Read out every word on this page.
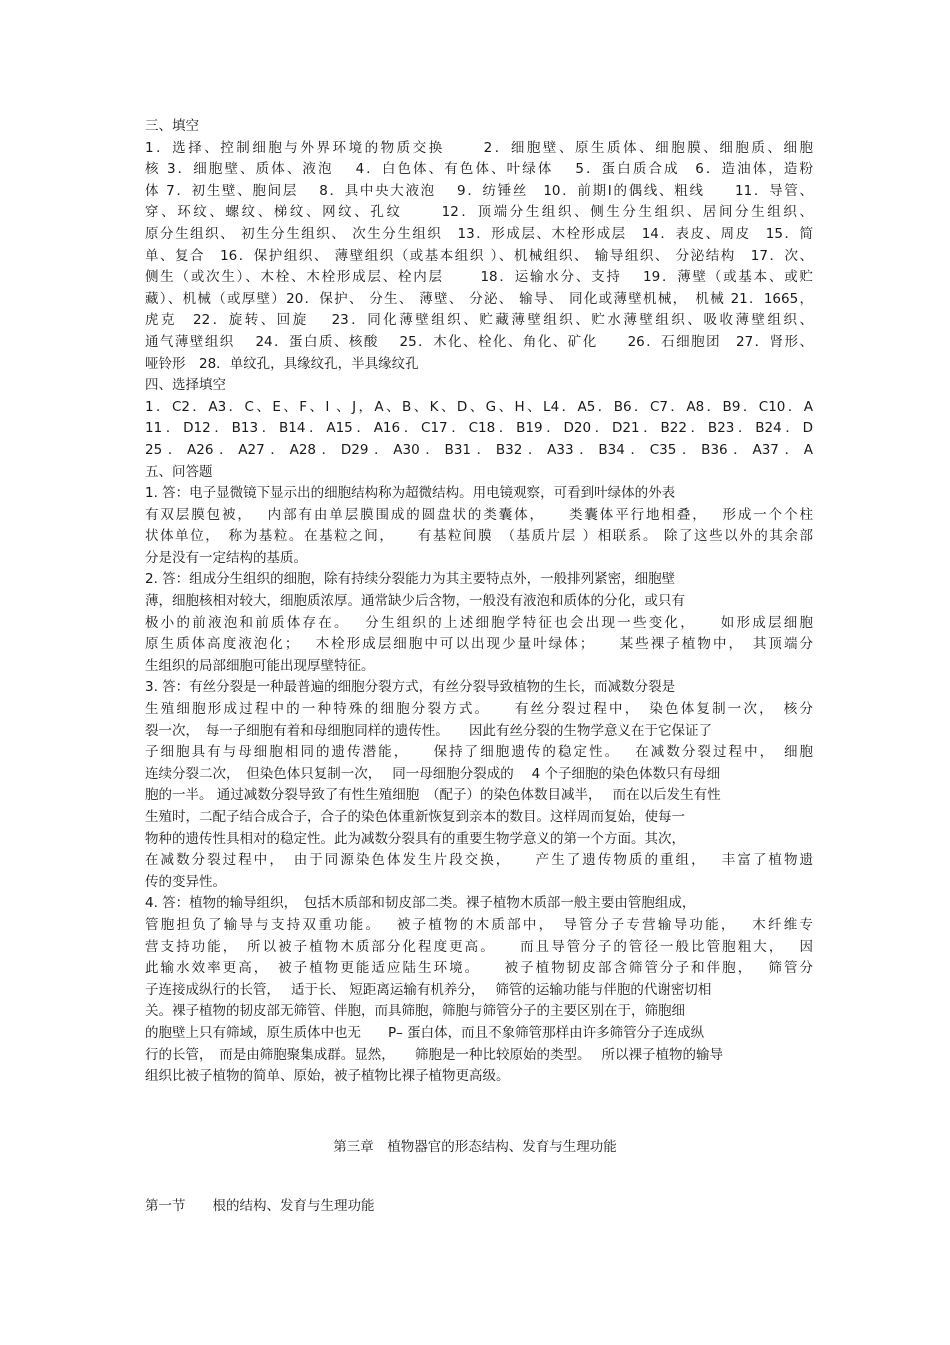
三、填空

1．选择、控制细胞与外界环境的物质交换　　 2．细胞壁、原生质体、细胞膜、细胞质、细胞

核 3．细胞壁、质体、液泡　 4．白色体、有色体、叶绿体　 5．蛋白质合成　6．造油体，造粉

体 7．初生壁、胞间层　 8．具中央大液泡　 9．纺锤丝　10．前期Ⅰ的偶线、粗线　　11．导管、

穿、环纹、螺纹、梯纹、网纹、孔纹　　 12．顶端分生组织、侧生分生组织、居间分生组织、

原分生组织、 初生分生组织、 次生分生组织　13．形成层、木栓形成层　14．表皮、周皮　15．简

单、复合　16．保护组织、 薄壁组织（或基本组织 ）、机械组织、 输导组织、 分泌结构　17．次、

侧生（或次生）、木栓、木栓形成层、栓内层　　 18．运输水分、支持　 19．薄壁（或基本、或贮

藏）、机械（或厚壁）20．保护、 分生、 薄壁、 分泌、 输导、 同化或薄壁机械，　机械 21．1665，

虎克　22．旋转、回旋　 23．同化薄壁组织、贮藏薄壁组织、贮水薄壁组织、吸收薄壁组织、

通气薄壁组织　 24．蛋白质、核酸　 25．木化、栓化、角化、矿化　　26．石细胞团　27．肾形、

哑铃形　28．单纹孔，具缘纹孔，半具缘纹孔

四、选择填空

1．C2．A3．C、E、F、I 、J，A、B、K、D、G、H、L4．A5．B6．C7．A8．B9．C10．A

11．D12．B13．B14．A15．A16．C17．C18．B19．D20．D21．B22．B23．B24．D

25．A26．A27．A28．D29．A30．B31．B32．A33．B34．C35．B36．A37．A

五、问答题

1. 答：电子显微镜下显示出的细胞结构称为超微结构。用电镜观察，可看到叶绿体的外表

有双层膜包被，　 内部有由单层膜围成的圆盘状的类囊体，　　类囊体平行地相叠，　 形成一个个柱

状体单位，　称为基粒。在基粒之间，　　有基粒间膜　（基质片层 ）相联系。 除了这些以外的其余部

分是没有一定结构的基质。

2. 答：组成分生组织的细胞，除有持续分裂能力为其主要特点外，一般排列紧密，细胞壁

薄，细胞核相对较大，细胞质浓厚。通常缺少后含物，一般没有液泡和质体的分化，或只有

极小的前液泡和前质体存在。　 分生组织的上述细胞学特征也会出现一些变化，　　如形成层细胞

原生质体高度液泡化；　 木栓形成层细胞中可以出现少量叶绿体；　　某些裸子植物中，　其顶端分

生组织的局部细胞可能出现厚壁特征。

3. 答：有丝分裂是一种最普遍的细胞分裂方式，有丝分裂导致植物的生长，而减数分裂是

生殖细胞形成过程中的一种特殊的细胞分裂方式。　　有丝分裂过程中，　染色体复制一次，　核分

裂一次，　每一子细胞有着和母细胞同样的遗传性。　　因此有丝分裂的生物学意义在于它保证了

子细胞具有与母细胞相同的遗传潜能，　　保持了细胞遗传的稳定性。　 在减数分裂过程中，　细胞

连续分裂二次，　但染色体只复制一次，　 同一母细胞分裂成的　 4 个子细胞的染色体数只有母细

胞的一半。 通过减数分裂导致了有性生殖细胞　（配子）的染色体数目减半，　 而在以后发生有性

生殖时，二配子结合成合子，合子的染色体重新恢复到亲本的数目。这样周而复始，使每一

物种的遗传性具相对的稳定性。此为减数分裂具有的重要生物学意义的第一个方面。其次，

在减数分裂过程中，　由于同源染色体发生片段交换，　　产生了遗传物质的重组，　 丰富了植物遗

传的变异性。

4. 答：植物的输导组织，　包括木质部和韧皮部二类。裸子植物木质部一般主要由管胞组成，

管胞担负了输导与支持双重功能。　 被子植物的木质部中，　导管分子专营输导功能，　 木纤维专

营支持功能，　所以被子植物木质部分化程度更高。　　而且导管分子的管径一般比管胞粗大，　 因

此输水效率更高，　被子植物更能适应陆生环境。　　被子植物韧皮部含筛管分子和伴胞，　 筛管分

子连接成纵行的长管，　 适于长、 短距离运输有机养分，　 筛管的运输功能与伴胞的代谢密切相

关。裸子植物的韧皮部无筛管、伴胞，而具筛胞，筛胞与筛管分子的主要区别在于，筛胞细

的胞壁上只有筛域，原生质体中也无　　P– 蛋白体，而且不象筛管那样由许多筛管分子连成纵

行的长管，　而是由筛胞聚集成群。显然，　　筛胞是一种比较原始的类型。　 所以裸子植物的输导

组织比被子植物的简单、原始，被子植物比裸子植物更高级。

第三章　植物器官的形态结构、发育与生理功能

第一节　　根的结构、发育与生理功能
